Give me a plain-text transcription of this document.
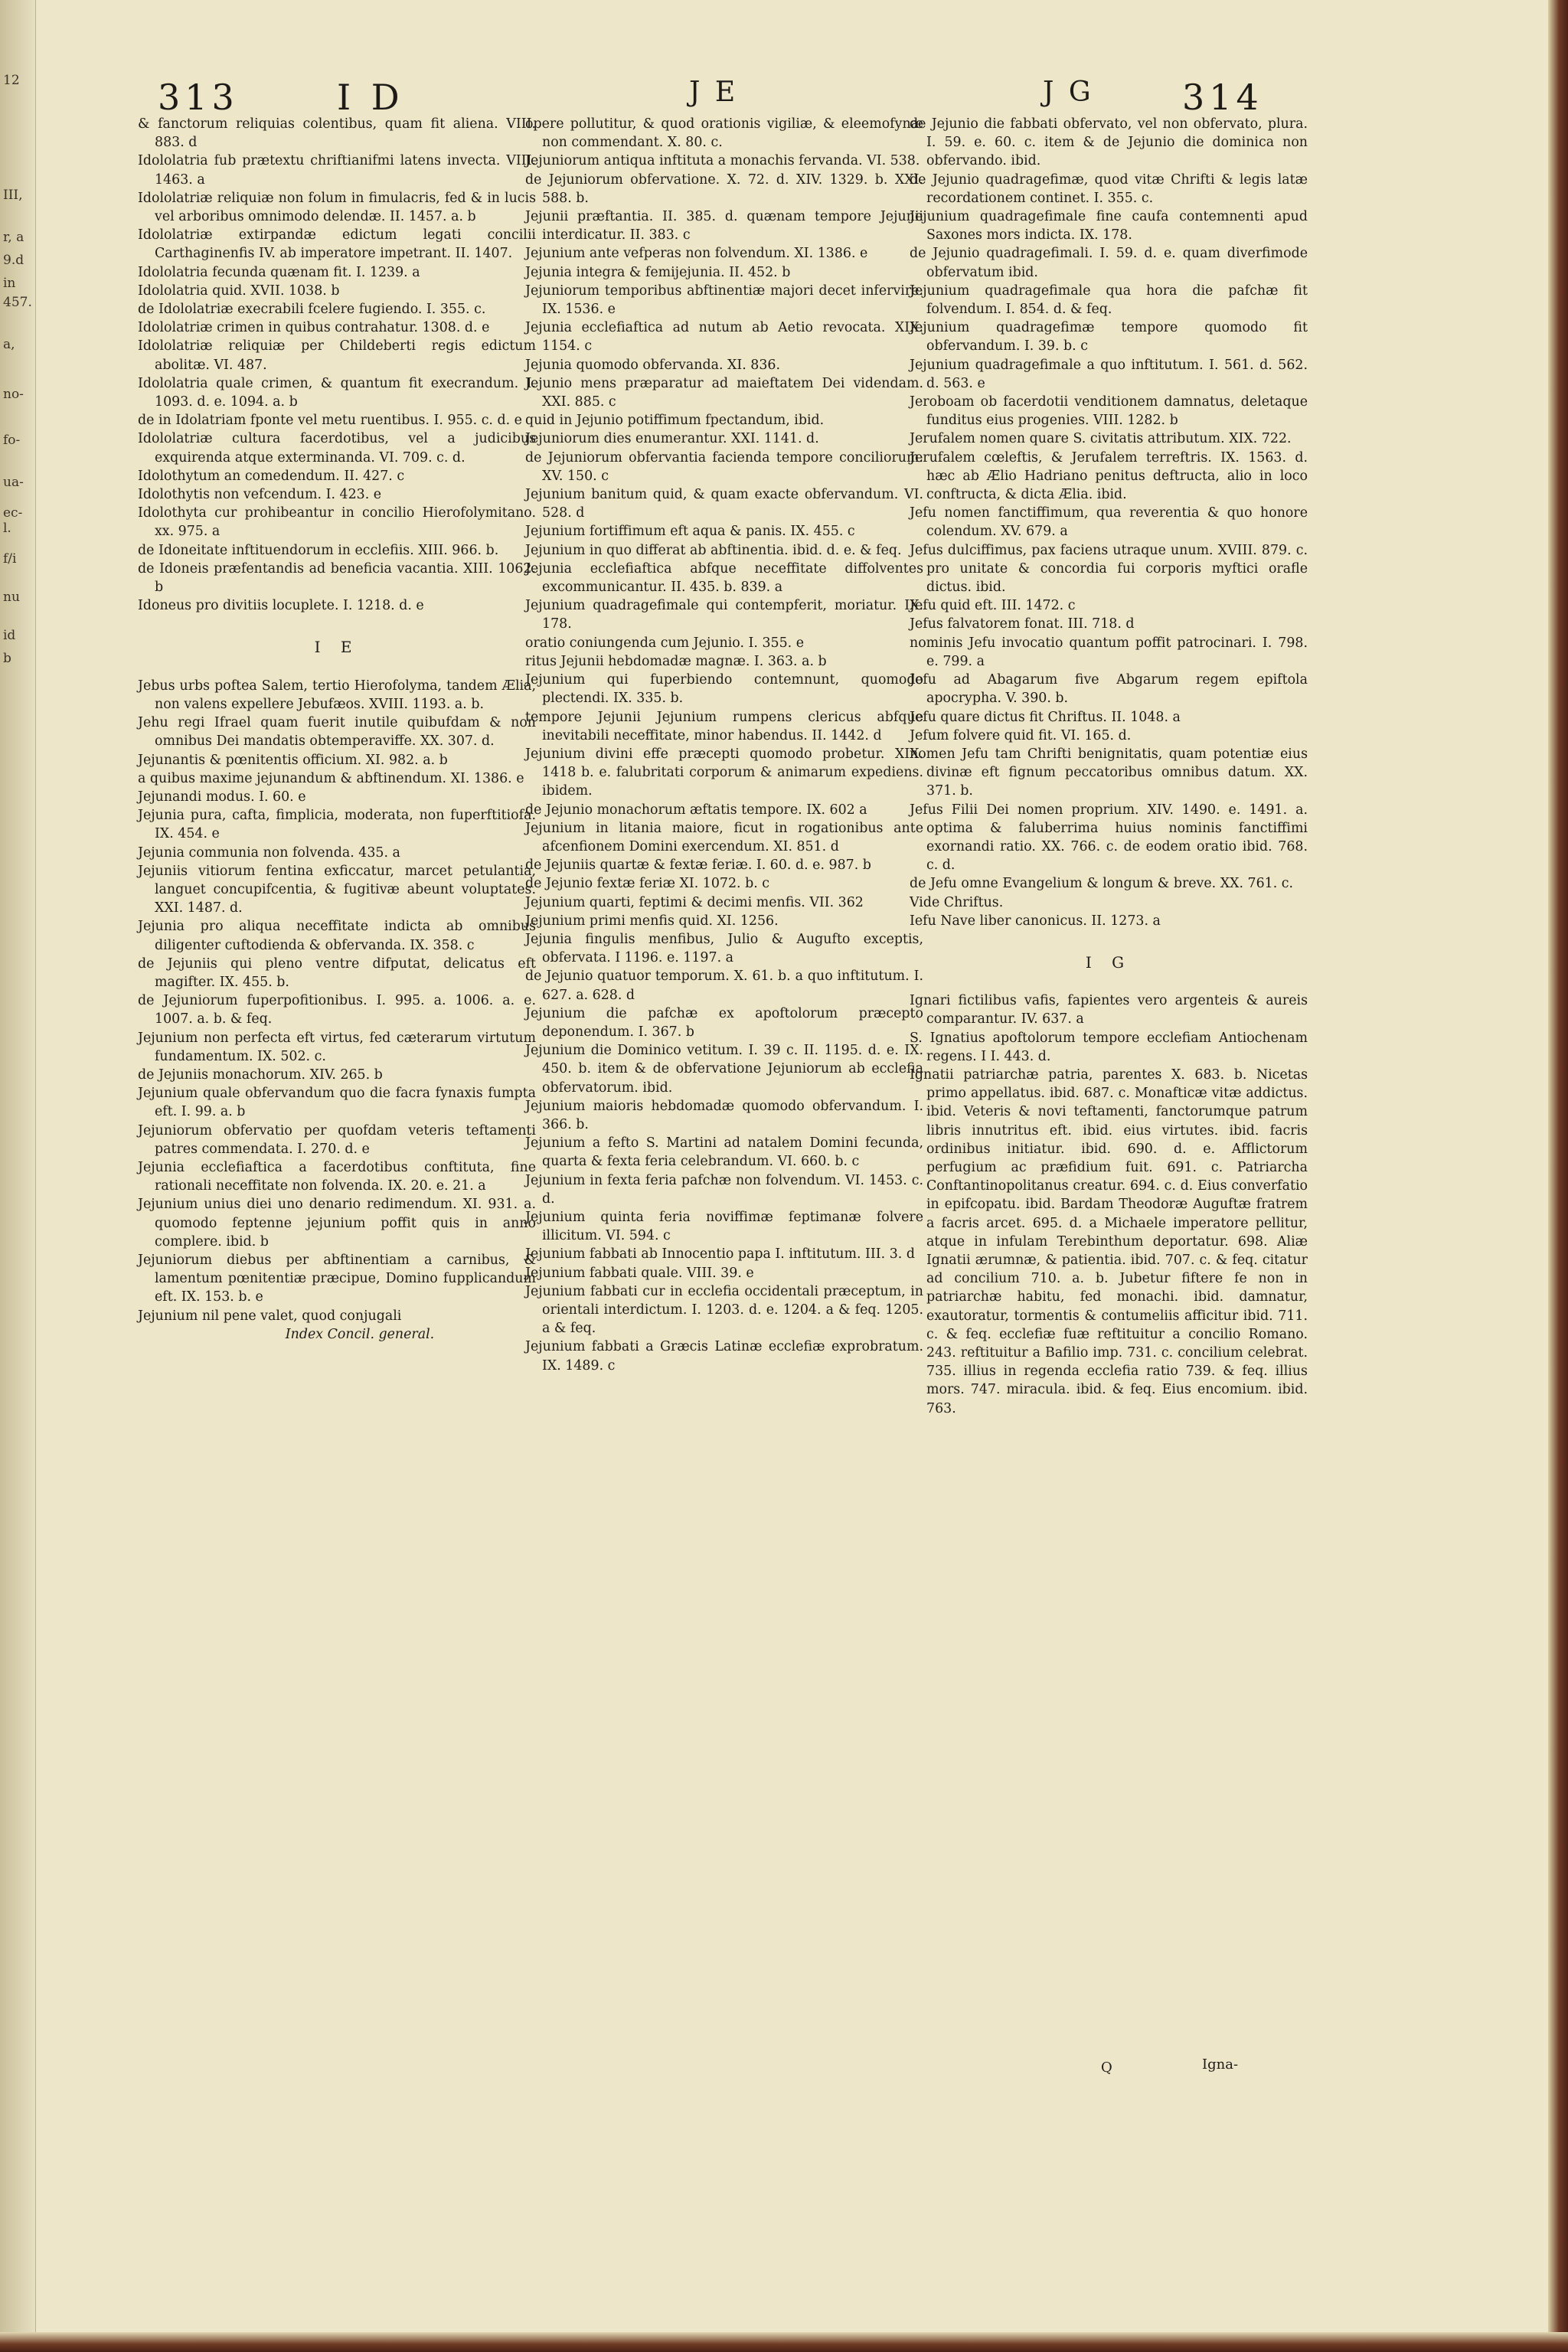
12
III,
r, a
9.d
in
457.
a,
no-
fo-
ua-
ec-
l.
f/i
nu
id
b
313	I D	J E	J G	314
& fanctorum reliquias colentibus, quam fit aliena. VIII. 883. d
Idololatria fub prætextu chriftianifmi latens invecta. VIII. 1463. a
Idololatriæ reliquiæ non folum in fimulacris, fed & in lucis vel arboribus omnimodo delendæ. II. 1457. a. b
Idololatriæ extirpandæ edictum legati concilii Carthaginenfis IV. ab imperatore impetrant. II. 1407.
Idololatria fecunda quænam fit. I. 1239. a
Idololatria quid. XVII. 1038. b
de Idololatriæ execrabili fcelere fugiendo. I. 355. c.
Idololatriæ crimen in quibus contrahatur. 1308. d. e
Idololatriæ reliquiæ per Childeberti regis edictum abolitæ. VI. 487.
Idololatria quale crimen, & quantum fit execrandum. I. 1093. d. e. 1094. a. b
de in Idolatriam fponte vel metu ruentibus. I. 955. c. d. e
Idololatriæ cultura facerdotibus, vel a judicibus exquirenda atque exterminanda. VI. 709. c. d.
Idolothytum an comedendum. II. 427. c
Idolothytis non vefcendum. I. 423. e
Idolothyta cur prohibeantur in concilio Hierofolymitano. xx. 975. a
de Idoneitate inftituendorum in ecclefiis. XIII. 966. b.
de Idoneis præfentandis ad beneficia vacantia. XIII. 1062. b
Idoneus pro divitiis locuplete. I. 1218. d. e
I E
Jebus urbs poftea Salem, tertio Hierofolyma, tandem Ælia, non valens expellere Jebufæos. XVIII. 1193. a. b.
Jehu regi Ifrael quam fuerit inutile quibufdam & non omnibus Dei mandatis obtemperaviffe. XX. 307. d.
Jejunantis & pœnitentis officium. XI. 982. a. b
a quibus maxime jejunandum & abftinendum. XI. 1386. e
Jejunandi modus. I. 60. e
Jejunia pura, cafta, fimplicia, moderata, non fuperftitiofa. IX. 454. e
Jejunia communia non folvenda. 435. a
Jejuniis vitiorum fentina exficcatur, marcet petulantia, languet concupifcentia, & fugitivæ abeunt voluptates. XXI. 1487. d.
Jejunia pro aliqua neceffitate indicta ab omnibus diligenter cuftodienda & obfervanda. IX. 358. c
de Jejuniis qui pleno ventre difputat, delicatus eft magifter. IX. 455. b.
de Jejuniorum fuperpofitionibus. I. 995. a. 1006. a. e. 1007. a. b. & feq.
Jejunium non perfecta eft virtus, fed cæterarum virtutum fundamentum. IX. 502. c.
de Jejuniis monachorum. XIV. 265. b
Jejunium quale obfervandum quo die facra fynaxis fumpta eft. I. 99. a. b
Jejuniorum obfervatio per quofdam veteris teftamenti patres commendata. I. 270. d. e
Jejunia ecclefiaftica a facerdotibus conftituta, fine rationali neceffitate non folvenda. IX. 20. e. 21. a
Jejunium unius diei uno denario redimendum. XI. 931. a. quomodo feptenne jejunium poffit quis in anno complere. ibid. b
Jejuniorum diebus per abftinentiam a carnibus, & lamentum pœnitentiæ præcipue, Domino fupplicandum eft. IX. 153. b. e
Jejunium nil pene valet, quod conjugali
Index Concil. general.
opere pollutitur, & quod orationis vigiliæ, & eleemofynæ non commendant. X. 80. c.
Jejuniorum antiqua inftituta a monachis fervanda. VI. 538.
de Jejuniorum obfervatione. X. 72. d. XIV. 1329. b. XXI. 588. b.
Jejunii præftantia. II. 385. d. quænam tempore Jejunii interdicatur. II. 383. c
Jejunium ante vefperas non folvendum. XI. 1386. e
Jejunia integra & femijejunia. II. 452. b
Jejuniorum temporibus abftinentiæ majori decet infervire. IX. 1536. e
Jejunia ecclefiaftica ad nutum ab Aetio revocata. XIX. 1154. c
Jejunia quomodo obfervanda. XI. 836.
Jejunio mens præparatur ad maieftatem Dei videndam. XXI. 885. c
quid in Jejunio potiffimum fpectandum, ibid.
Jejuniorum dies enumerantur. XXI. 1141. d.
de Jejuniorum obfervantia facienda tempore conciliorum. XV. 150. c
Jejunium banitum quid, & quam exacte obfervandum. VI. 528. d
Jejunium fortiffimum eft aqua & panis. IX. 455. c
Jejunium in quo differat ab abftinentia. ibid. d. e. & feq.
Jejunia ecclefiaftica abfque neceffitate diffolventes excommunicantur. II. 435. b. 839. a
Jejunium quadragefimale qui contempferit, moriatur. IX. 178.
oratio coniungenda cum Jejunio. I. 355. e
ritus Jejunii hebdomadæ magnæ. I. 363. a. b
Jejunium qui fuperbiendo contemnunt, quomodo plectendi. IX. 335. b.
tempore Jejunii Jejunium rumpens clericus abfque inevitabili neceffitate, minor habendus. II. 1442. d
Jejunium divini effe præcepti quomodo probetur. XIX. 1418 b. e. falubritati corporum & animarum expediens. ibidem.
de Jejunio monachorum æftatis tempore. IX. 602 a
Jejunium in litania maiore, ficut in rogationibus ante afcenfionem Domini exercendum. XI. 851. d
de Jejuniis quartæ & fextæ feriæ. I. 60. d. e. 987. b
de Jejunio fextæ feriæ XI. 1072. b. c
Jejunium quarti, feptimi & decimi menfis. VII. 362
Jejunium primi menfis quid. XI. 1256.
Jejunia fingulis menfibus, Julio & Augufto exceptis, obfervata. I 1196. e. 1197. a
de Jejunio quatuor temporum. X. 61. b. a quo inftitutum. I. 627. a. 628. d
Jejunium die pafchæ ex apoftolorum præcepto deponendum. I. 367. b
Jejunium die Dominico vetitum. I. 39 c. II. 1195. d. e. IX. 450. b. item & de obfervatione Jejuniorum ab ecclefia obfervatorum. ibid.
Jejunium maioris hebdomadæ quomodo obfervandum. I. 366. b.
Jejunium a fefto S. Martini ad natalem Domini fecunda, quarta & fexta feria celebrandum. VI. 660. b. c
Jejunium in fexta feria pafchæ non folvendum. VI. 1453. c. d.
Jejunium quinta feria noviffimæ feptimanæ folvere illicitum. VI. 594. c
Jejunium fabbati ab Innocentio papa I. inftitutum. III. 3. d
Jejunium fabbati quale. VIII. 39. e
Jejunium fabbati cur in ecclefia occidentali præceptum, in orientali interdictum. I. 1203. d. e. 1204. a & feq. 1205. a & feq.
Jejunium fabbati a Græcis Latinæ ecclefiæ exprobratum. IX. 1489. c
de Jejunio die fabbati obfervato, vel non obfervato, plura. I. 59. e. 60. c. item & de Jejunio die dominica non obfervando. ibid.
de Jejunio quadragefimæ, quod vitæ Chrifti & legis latæ recordationem continet. I. 355. c.
Jejunium quadragefimale fine caufa contemnenti apud Saxones mors indicta. IX. 178.
de Jejunio quadragefimali. I. 59. d. e. quam diverfimode obfervatum ibid.
Jejunium quadragefimale qua hora die pafchæ fit folvendum. I. 854. d. & feq.
Jejunium quadragefimæ tempore quomodo fit obfervandum. I. 39. b. c
Jejunium quadragefimale a quo inftitutum. I. 561. d. 562. d. 563. e
Jeroboam ob facerdotii venditionem damnatus, deletaque funditus eius progenies. VIII. 1282. b
Jerufalem nomen quare S. civitatis attributum. XIX. 722.
Jerufalem cœleftis, & Jerufalem terreftris. IX. 1563. d. hæc ab Ælio Hadriano penitus deftructa, alio in loco conftructa, & dicta Ælia. ibid.
Jefu nomen fanctiffimum, qua reverentia & quo honore colendum. XV. 679. a
Jefus dulciffimus, pax faciens utraque unum. XVIII. 879. c. pro unitate & concordia fui corporis myftici orafle dictus. ibid.
Jefu quid eft. III. 1472. c
Jefus falvatorem fonat. III. 718. d
nominis Jefu invocatio quantum poffit patrocinari. I. 798. e. 799. a
Jefu ad Abagarum five Abgarum regem epiftola apocrypha. V. 390. b.
Jefu quare dictus fit Chriftus. II. 1048. a
Jefum folvere quid fit. VI. 165. d.
nomen Jefu tam Chrifti benignitatis, quam potentiæ eius divinæ eft fignum peccatoribus omnibus datum. XX. 371. b.
Jefus Filii Dei nomen proprium. XIV. 1490. e. 1491. a. optima & faluberrima huius nominis fanctiffimi exornandi ratio. XX. 766. c. de eodem oratio ibid. 768. c. d.
de Jefu omne Evangelium & longum & breve. XX. 761. c.
Vide Chriftus.
Iefu Nave liber canonicus. II. 1273. a
I G
Ignari fictilibus vafis, fapientes vero argenteis & aureis comparantur. IV. 637. a
S. Ignatius apoftolorum tempore ecclefiam Antiochenam regens. I I. 443. d.
Ignatii patriarchæ patria, parentes X. 683. b. Nicetas primo appellatus. ibid. 687. c. Monafticæ vitæ addictus. ibid. Veteris & novi teftamenti, fanctorumque patrum libris innutritus eft. ibid. eius virtutes. ibid. facris ordinibus initiatur. ibid. 690. d. e. Afflictorum perfugium ac præfidium fuit. 691. c. Patriarcha Conftantinopolitanus creatur. 694. c. d. Eius converfatio in epifcopatu. ibid. Bardam Theodoræ Auguftæ fratrem a facris arcet. 695. d. a Michaele imperatore pellitur, atque in infulam Terebinthum deportatur. 698. Aliæ Ignatii ærumnæ, & patientia. ibid. 707. c. & feq. citatur ad concilium 710. a. b. Jubetur fiftere fe non in patriarchæ habitu, fed monachi. ibid. damnatur, exautoratur, tormentis & contumeliis afficitur ibid. 711. c. & feq. ecclefiæ fuæ reftituitur a concilio Romano. 243. reftituitur a Bafilio imp. 731. c. concilium celebrat. 735. illius in regenda ecclefia ratio 739. & feq. illius mors. 747. miracula. ibid. & feq. Eius encomium. ibid. 763.
Q	Igna-
